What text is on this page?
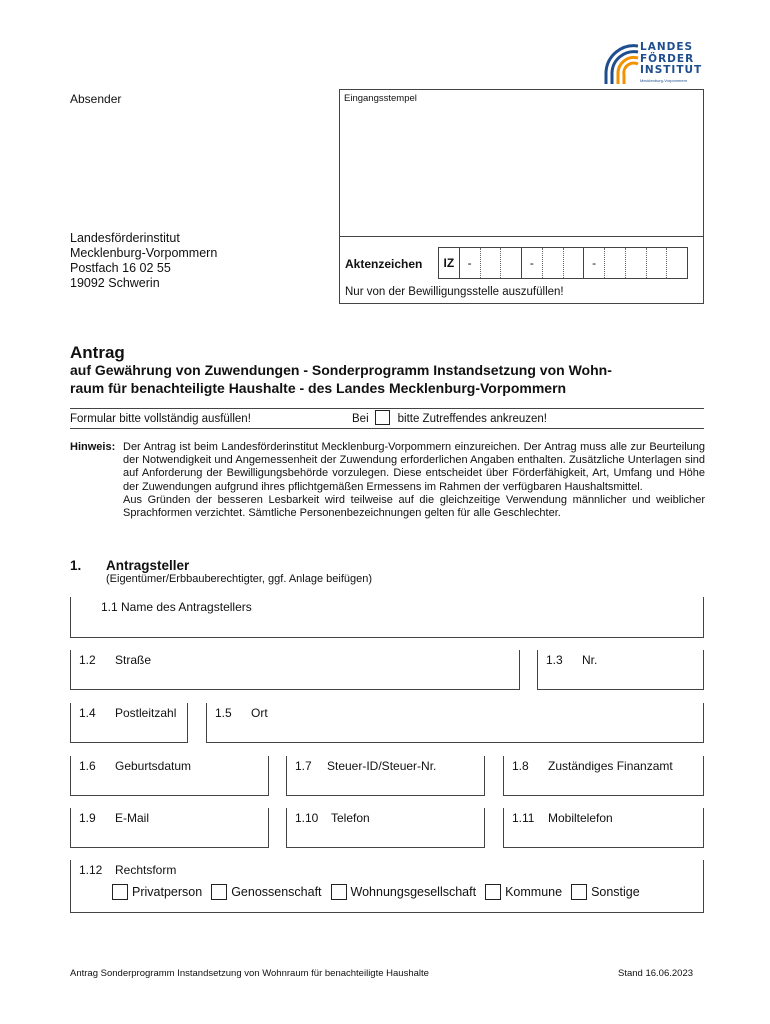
LANDES
FÖRDER
INSTITUT
Mecklenburg-Vorpommern
Absender	Eingangsstempel
Aktenzeichen	IZ	-	-	-
Nur von der Bewilligungsstelle auszufüllen!
Landesförderinstitut
Mecklenburg-Vorpommern
Postfach 16 02 55
19092 Schwerin
Antrag
auf Gewährung von Zuwendungen - Sonderprogramm Instandsetzung von Wohn-
raum für benachteiligte Haushalte - des Landes Mecklenburg-Vorpommern
Formular bitte vollständig ausfüllen!	Bei	bitte Zutreffendes ankreuzen!
Hinweis: Der Antrag ist beim Landesförderinstitut Mecklenburg-Vorpommern einzureichen. Der Antrag muss alle zur Beurteilung der Notwendigkeit und Angemessenheit der Zuwendung erforderlichen Angaben enthalten. Zusätzliche Unterlagen sind auf Anforderung der Bewilligungsbehörde vorzulegen. Diese entscheidet über Förderfähigkeit, Art, Umfang und Höhe der Zuwendungen aufgrund ihres pflichtgemäßen Ermessens im Rahmen der verfügbaren Haushaltsmittel.
Aus Gründen der besseren Lesbarkeit wird teilweise auf die gleichzeitige Verwendung männlicher und weiblicher Sprachformen verzichtet. Sämtliche Personenbezeichnungen gelten für alle Geschlechter.
1. Antragsteller
(Eigentümer/Erbbauberechtigter, ggf. Anlage beifügen)
1.1 Name des Antragstellers
1.2 Straße	1.3 Nr.
1.4 Postleitzahl	1.5 Ort
1.6 Geburtsdatum	1.7 Steuer-ID/Steuer-Nr.	1.8 Zuständiges Finanzamt
1.9 E-Mail	1.10 Telefon	1.11 Mobiltelefon
1.12 Rechtsform
Privatperson Genossenschaft Wohnungsgesellschaft Kommune Sonstige
Antrag Sonderprogramm Instandsetzung von Wohnraum für benachteiligte Haushalte	Stand 16.06.2023
